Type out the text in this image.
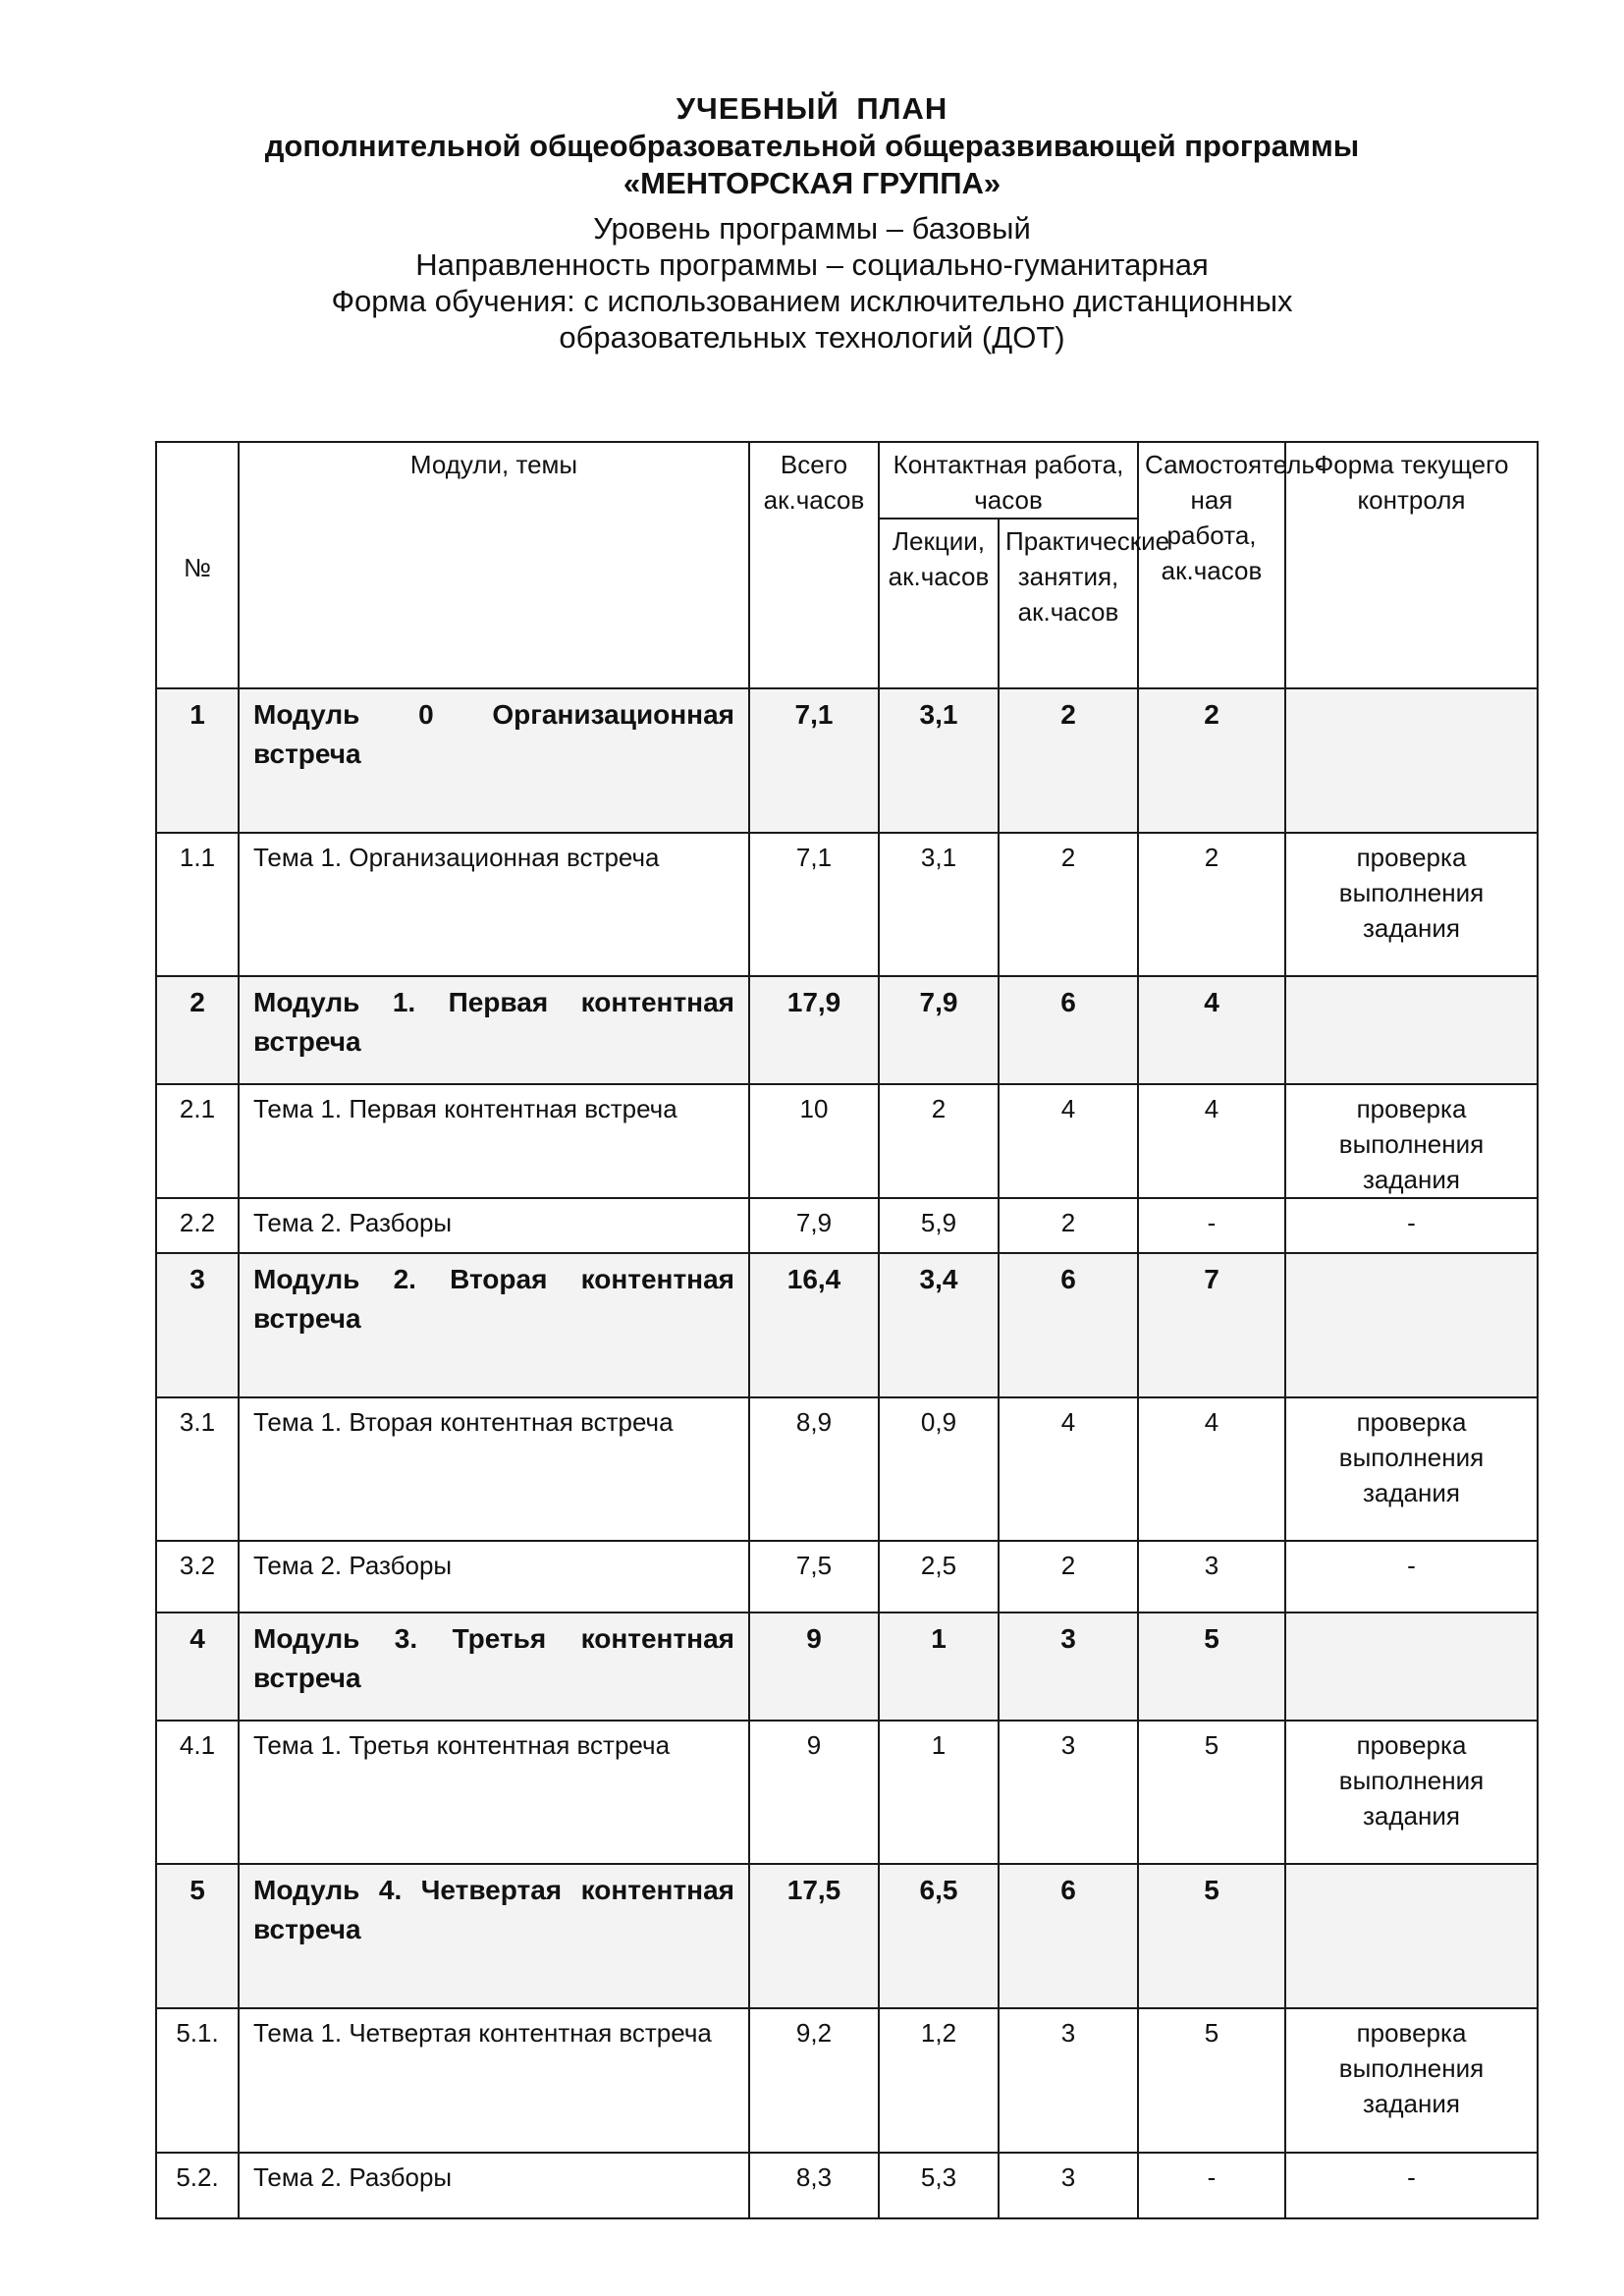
УЧЕБНЫЙ ПЛАН
дополнительной общеобразовательной общеразвивающей программы
«МЕНТОРСКАЯ ГРУППА»
Уровень программы – базовый
Направленность программы – социально-гуманитарная
Форма обучения: с использованием исключительно дистанционных
образовательных технологий (ДОТ)
№	Модули, темы	Всего ак.часов	Контактная работа, часов		Самостоятель-ная работа, ак.часов	Форма текущего контроля
			Лекции, ак.часов	Практические занятия, ак.часов		
1	Модуль 0 Организационная встреча	7,1	3,1	2	2	
1.1	Тема 1. Организационная встреча	7,1	3,1	2	2	проверка выполнения задания
2	Модуль 1. Первая контентная встреча	17,9	7,9	6	4	
2.1	Тема 1. Первая контентная встреча	10	2	4	4	проверка выполнения задания
2.2	Тема 2. Разборы	7,9	5,9	2	-	-
3	Модуль 2. Вторая контентная встреча	16,4	3,4	6	7	
3.1	Тема 1. Вторая контентная встреча	8,9	0,9	4	4	проверка выполнения задания
3.2	Тема 2. Разборы	7,5	2,5	2	3	-
4	Модуль 3. Третья контентная встреча	9	1	3	5	
4.1	Тема 1. Третья контентная встреча	9	1	3	5	проверка выполнения задания
5	Модуль 4. Четвертая контентная встреча	17,5	6,5	6	5	
5.1.	Тема 1. Четвертая контентная встреча	9,2	1,2	3	5	проверка выполнения задания
5.2.	Тема 2. Разборы	8,3	5,3	3	-	-
